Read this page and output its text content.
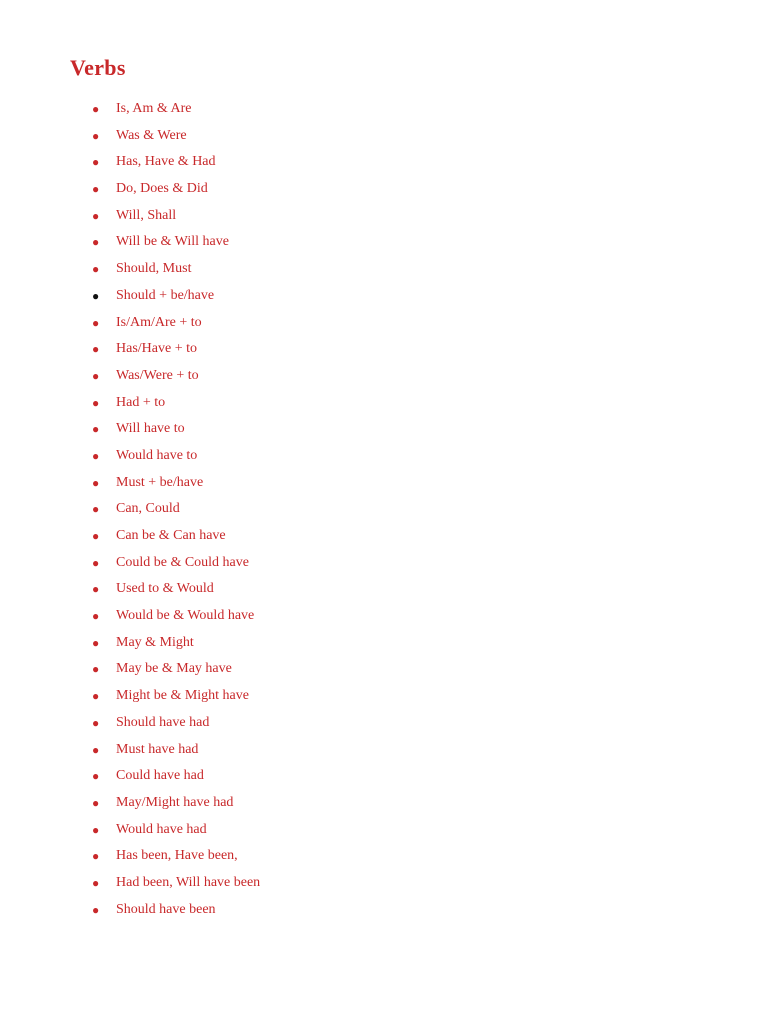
Verbs
● Is, Am & Are
● Was & Were
● Has, Have & Had
● Do, Does & Did
● Will, Shall
● Will be & Will have
● Should, Must
● Should + be/have
● Is/Am/Are + to
● Has/Have + to
● Was/Were + to
● Had + to
● Will have to
● Would have to
● Must + be/have
● Can, Could
● Can be & Can have
● Could be & Could have
● Used to & Would
● Would be & Would have
● May & Might
● May be & May have
● Might be & Might have
● Should have had
● Must have had
● Could have had
● May/Might have had
● Would have had
● Has been, Have been,
● Had been, Will have been
● Should have been
